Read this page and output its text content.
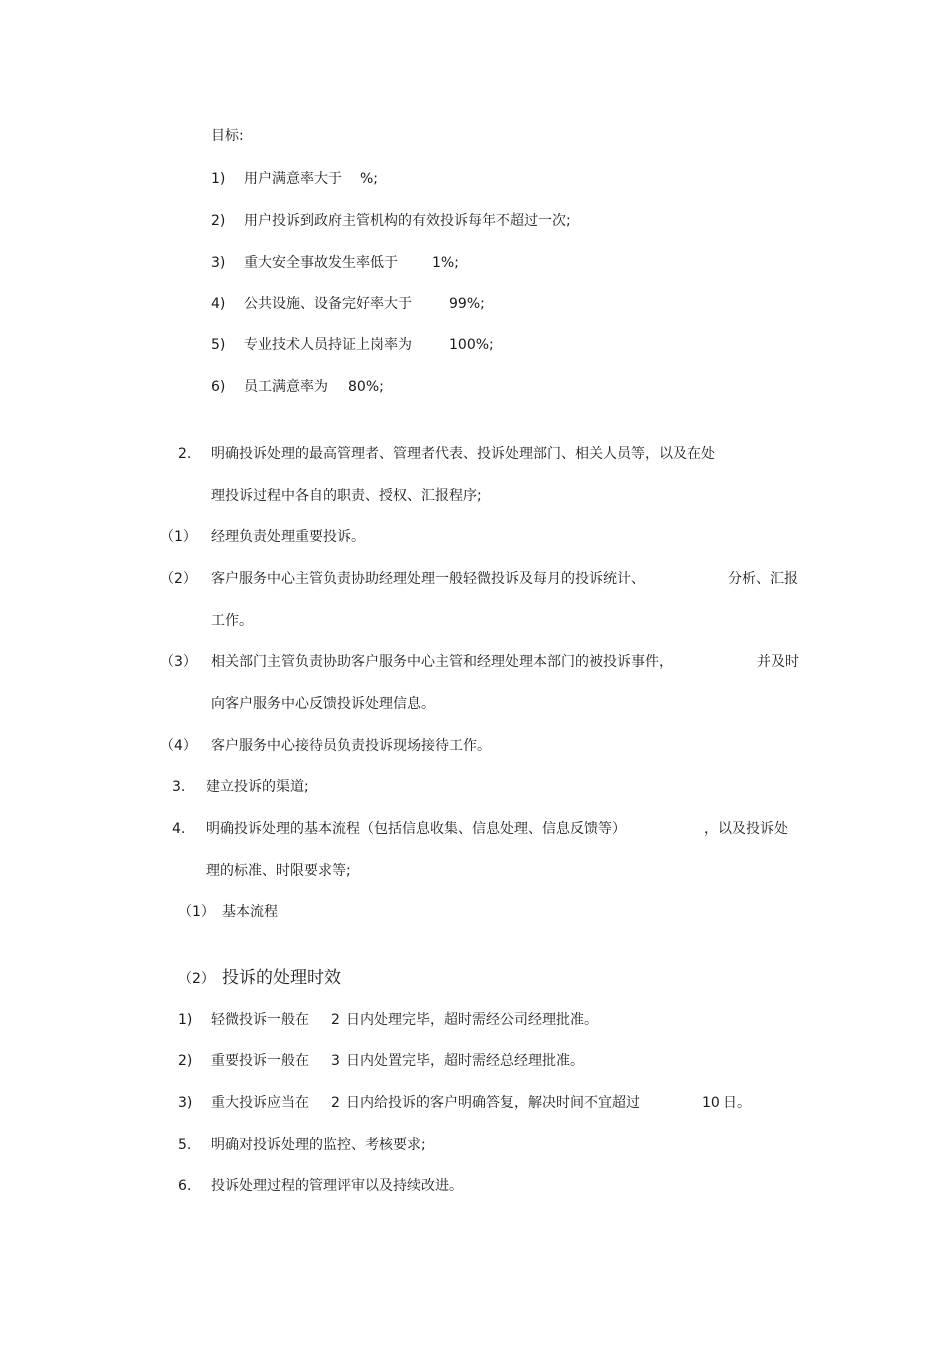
目标:
1) 用户满意率大于 %;
2) 用户投诉到政府主管机构的有效投诉每年不超过一次;
3) 重大安全事故发生率低于 1%;
4) 公共设施、设备完好率大于	99%;
5) 专业技术人员持证上岗率为	100%;
6) 员工满意率为 80%;
2. 明确投诉处理的最高管理者、管理者代表、投诉处理部门、相关人员等，以及在处
理投诉过程中各自的职责、授权、汇报程序;
（1） 经理负责处理重要投诉。
（2） 客户服务中心主管负责协助经理处理一般轻微投诉及每月的投诉统计、	分析、汇报
工作。
（3） 相关部门主管负责协助客户服务中心主管和经理处理本部门的被投诉事件，	并及时
向客户服务中心反馈投诉处理信息。
（4） 客户服务中心接待员负责投诉现场接待工作。
3. 建立投诉的渠道;
4. 明确投诉处理的基本流程（包括信息收集、信息处理、信息反馈等）	，以及投诉处
理的标准、时限要求等;
（1） 基本流程
（2） 投诉的处理时效
1) 轻微投诉一般在 2 日内处理完毕，超时需经公司经理批准。
2) 重要投诉一般在 3 日内处置完毕，超时需经总经理批准。
3) 重大投诉应当在 2 日内给投诉的客户明确答复，解决时间不宜超过	10 日。
5. 明确对投诉处理的监控、考核要求;
6. 投诉处理过程的管理评审以及持续改进。
